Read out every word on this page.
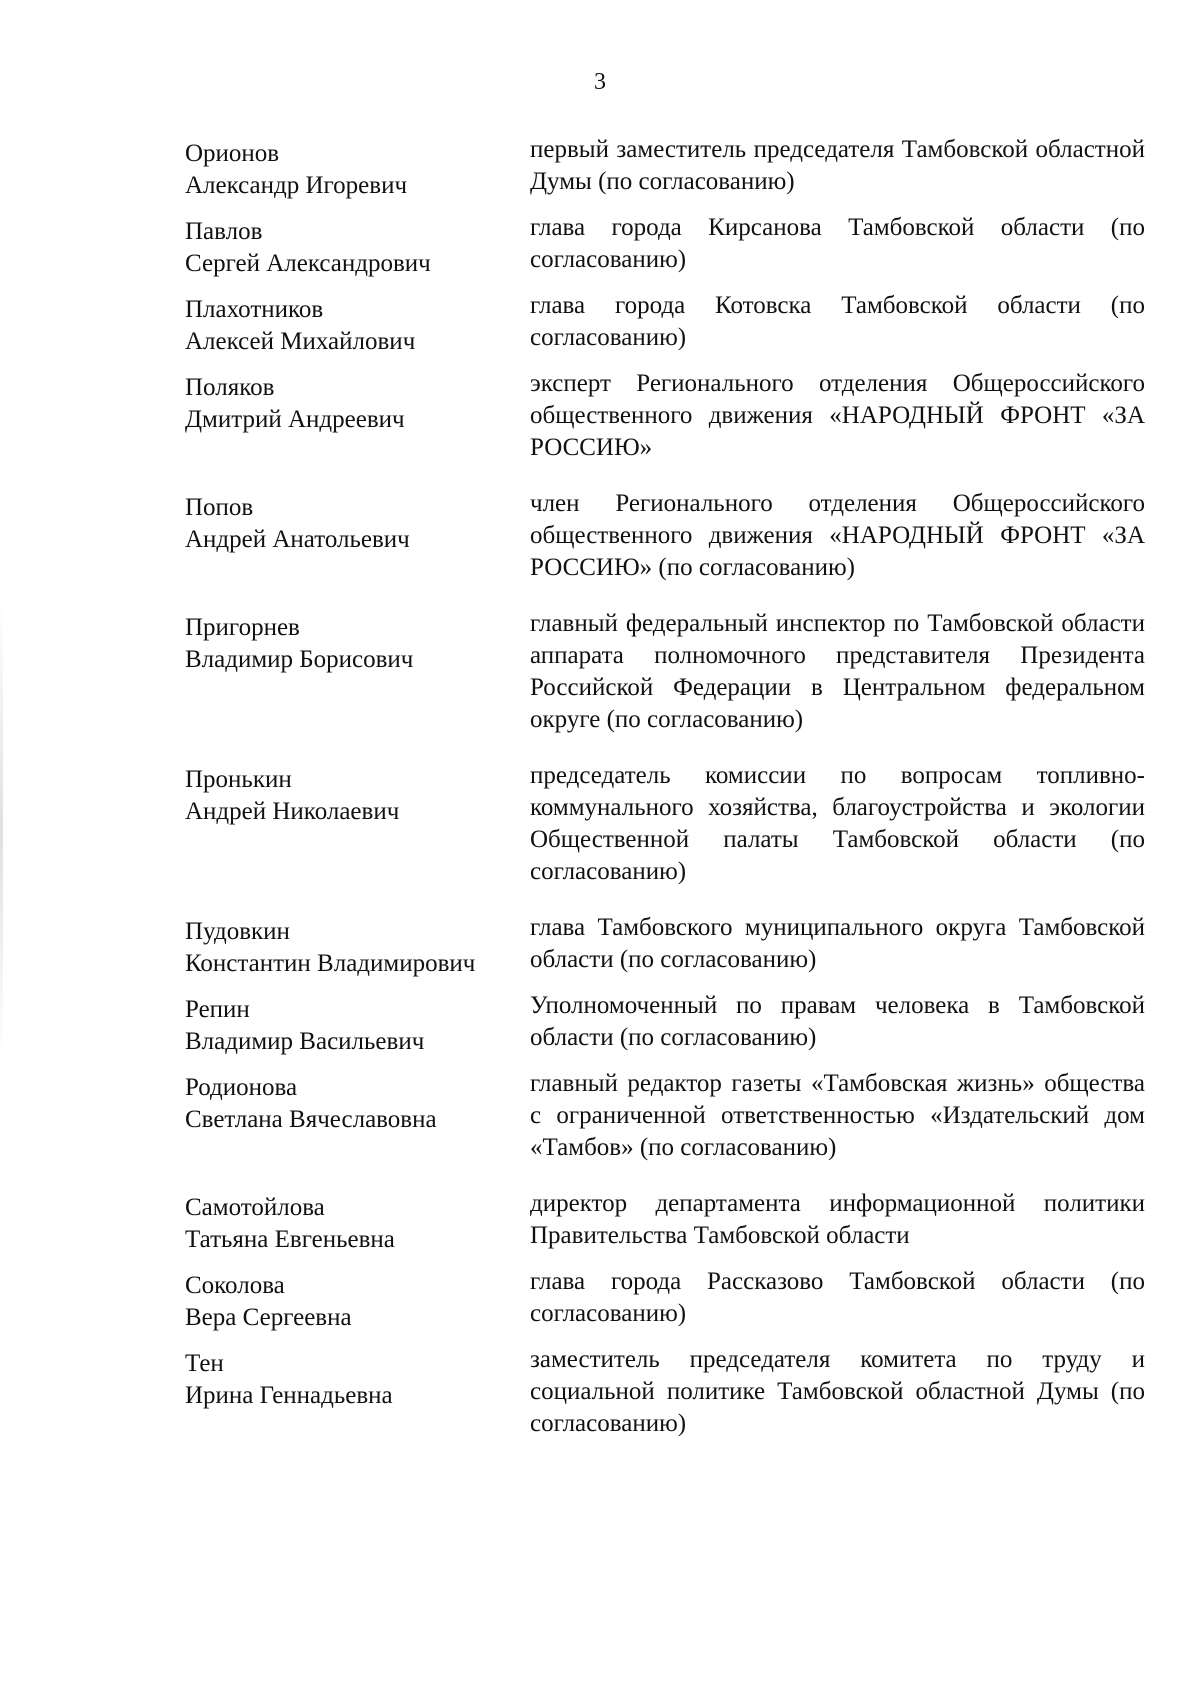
3
Орионов
Александр Игоревич
первый заместитель председателя Тамбовской областной Думы (по согласованию)
Павлов
Сергей Александрович
глава города Кирсанова Тамбовской области (по согласованию)
Плахотников
Алексей Михайлович
глава города Котовска Тамбовской области (по согласованию)
Поляков
Дмитрий Андреевич
эксперт Регионального отделения Общероссийского общественного движения «НАРОДНЫЙ ФРОНТ «ЗА РОССИЮ»
Попов
Андрей Анатольевич
член Регионального отделения Общероссийского общественного движения «НАРОДНЫЙ ФРОНТ «ЗА РОССИЮ» (по согласованию)
Пригорнев
Владимир Борисович
главный федеральный инспектор по Тамбовской области аппарата полномочного представителя Президента Российской Федерации в Центральном федеральном округе (по согласованию)
Пронькин
Андрей Николаевич
председатель комиссии по вопросам топливно-коммунального хозяйства, благоустройства и экологии Общественной палаты Тамбовской области (по согласованию)
Пудовкин
Константин Владимирович
глава Тамбовского муниципального округа Тамбовской области (по согласованию)
Репин
Владимир Васильевич
Уполномоченный по правам человека в Тамбовской области (по согласованию)
Родионова
Светлана Вячеславовна
главный редактор газеты «Тамбовская жизнь» общества с ограниченной ответственностью «Издательский дом «Тамбов» (по согласованию)
Самотойлова
Татьяна Евгеньевна
директор департамента информационной политики Правительства Тамбовской области
Соколова
Вера Сергеевна
глава города Рассказово Тамбовской области (по согласованию)
Тен
Ирина Геннадьевна
заместитель председателя комитета по труду и социальной политике Тамбовской областной Думы (по согласованию)
